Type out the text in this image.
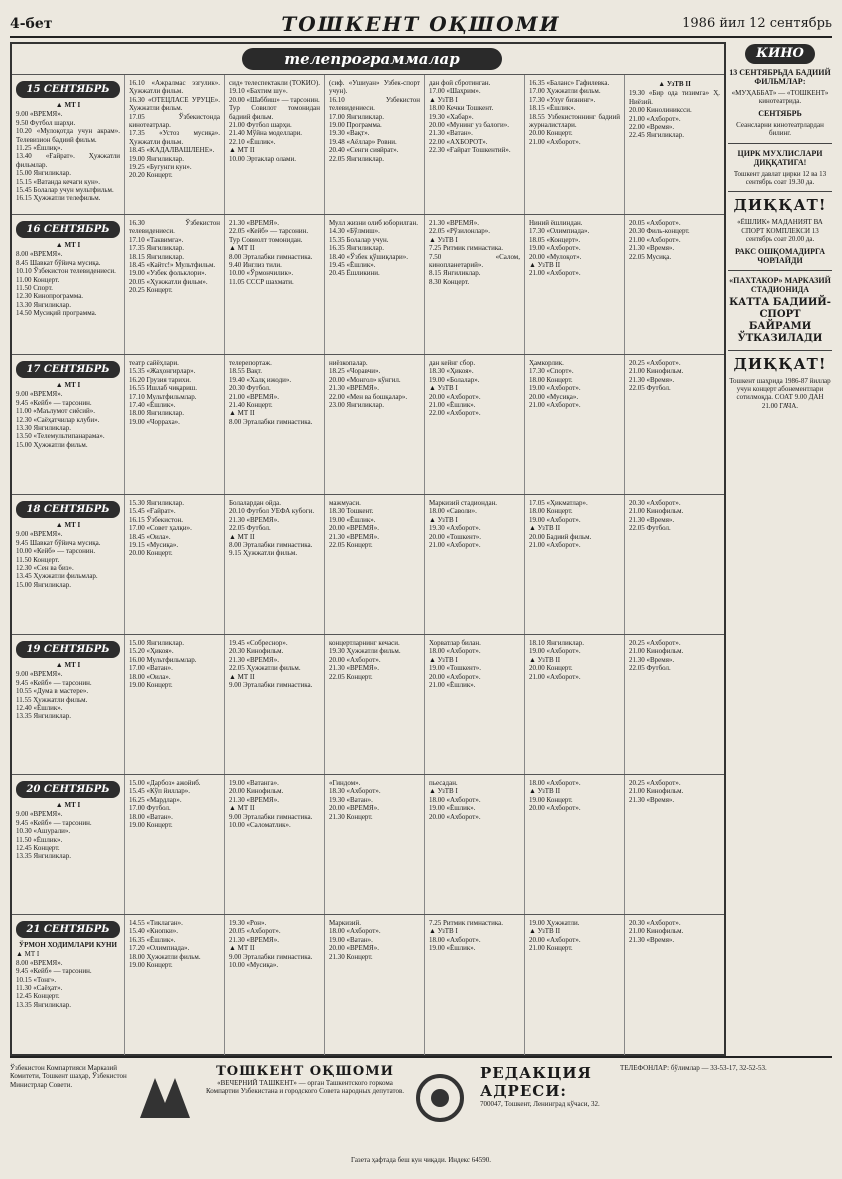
4-бет	ТОШКЕНТ ОҚШОМИ	1986 йил 12 сентябрь
телепрограммалар
15 СЕНТЯБРЬ
▲ МТ I
9.00 «ВРЕМЯ».
9.50 Футбол шарҳи.
10.20 «Мулоқотда учун акрам». Телевизион бадиий фильм.
11.25 «Ёшлиқ».
13.40 «Ғайрат». Ҳужжатли фильмлар.
15.00 Янгиликлар.
15.15 «Ватанда кечаги кун».
15.45 Болалар учун мультфильм.
16.15 Ҳужжатли телефильм.
16.10 «Ажралмас эзгулик». Ҳужжатли фильм.
16.30 «ОТЕЦЛАСЕ УРУЦЕ». Хужжатли фильм.
17.05 Ўзбекистонда кинотеатрлар.
17.35 «Устоз мусиқа». Ҳужжатли фильм.
18.45 «КАДАЛВАШЛЕНЕ».
19.00 Янгиликлар.
19.25 «Бугунги кун».
20.20 Концерт.
сид» телеспектакли (ТОКИО).
19.10 «Бахтим шу».
20.00 «Шаббиш» — тарсонин.
Тур Совилот томонидан бадиий фильм.
21.00 Футбол шарҳи.
21.40 Мўйна моделлари.
22.10 «Ёшлик».
▲ МТ II
10.00 Эртаклар олами.
(сиф. «Ушиуан» Узбек-спорт учун).
16.10 Узбекистон телевидениеси.
17.00 Янгиликлар.
19.00 Программа.
19.30 «Вақт».
19.48 «Аёллар» Ровни.
20.40 «Сенги сияйрат».
22.05 Янгиликлар.
дан фой сбротинган.
17.00 «Шаҳрим».
▲ УзТВ I
18.00 Кечки Тошкент.
19.30 «Хабар».
20.00 «Мунинг уз балоги».
21.30 «Ватан».
22.00 «АХБОРОТ».
22.30 «Ғайрат Тошкентий».
16.35 «Баланс» Гафилевка.
17.00 Ҳужжатли фильм.
17.30 «Улуғ бизнинг».
18.15 «Ёшлик».
18.55 Узбекистоннинг бадиий журналистлари.
20.00 Концерт.
21.00 «Ахборот».
▲ УзТВ II
19.30 «Бир ода тизимга» Ҳ. Ниёзий.
20.00 Кинолиниксси.
21.00 «Ахборот».
22.00 «Время».
22.45 Янгиликлар.
16 СЕНТЯБРЬ
▲ МТ I
8.00 «ВРЕМЯ».
8.45 Шавкат бўйича мусиқа.
10.10 Ўзбекистон телевидениеси.
11.00 Концерт.
11.50 Спорт.
12.30 Кинопрограмма.
13.30 Янгиликлар.
14.50 Мусиқий программа.
16.30 Ўзбекистон телевидениеси.
17.10 «Таквимга».
17.35 Янгиликлар.
18.15 Янгиликлар.
18.45 «Кайтс!» Мультфильм.
19.00 «Узбек фольклори».
20.05 «Ҳужжатли фильм».
20.25 Концерт.
21.30 «ВРЕМЯ».
22.05 «Кейб» — тарсонин.
Тур Совиолт томонидан.
▲ МТ II
8.00 Эрталабки гимнастика.
9.40 Инглиз тили.
10.00 «Ўрмончилик».
11.05 СССР шахмати.
Мулл жизни олиб юборилган.
14.30 «Бўлмиш».
15.35 Болалар учун.
16.35 Янгиликлар.
18.40 «Ўзбек қўшиқлари».
19.45 «Ёшлик».
20.45 Ёшликини.
21.30 «ВРЕМЯ».
22.05 «Рўзилонлар».
▲ УзТВ I
7.25 Ритмик гимнастика.
7.50 «Салом, кинопланетарий».
8.15 Янгиликлар.
8.30 Концерт.
Ниний ёшлиндан.
17.30 «Олимпиада».
18.05 «Концерт».
19.00 «Ахборот».
20.00 «Мулоқот».
▲ УзТВ II
21.00 «Ахборот».
20.05 «Ахборот».
20.30 Филь-концерт.
21.00 «Ахборот».
21.30 «Время».
22.05 Мусиқа.
17 СЕНТЯБРЬ
▲ МТ I
9.00 «ВРЕМЯ».
9.45 «Кейб» — тарсонин.
11.00 «Маълумот сиёсий».
12.30 «Саёҳатчилар клуби».
13.30 Янгиликлар.
13.50 «Телемультипанарама».
15.00 Ҳужжатли фильм.
театр сайёҳлари.
15.35 «Жаҳонгирлар».
16.20 Грузия тарихи.
16.55 Ишлаб чиқариш.
17.10 Мультфильмлар.
17.40 «Ёшлик».
18.00 Янгиликлар.
19.00 «Чорраха».
телерепортаж.
18.55 Вақт.
19.40 «Халқ ижоди».
20.30 Футбол.
21.00 «ВРЕМЯ».
21.40 Концерт.
▲ МТ II
8.00 Эрталабки гимнастика.
ниёзкопалар.
18.25 «Чоравчи».
20.00 «Монгол» кўнгил.
21.30 «ВРЕМЯ».
22.00 «Мен ва бошқалар».
23.00 Янгиликлар.
дан кейнг сбор.
18.30 «Ҳикоя».
19.00 «Болалар».
▲ УзТВ I
20.00 «Ахборот».
21.00 «Ёшлик».
22.00 «Ахборот».
Ҳамкорлик.
17.30 «Спорт».
18.00 Концерт.
19.00 «Ахборот».
20.00 «Мусиқа».
21.00 «Ахборот».
20.25 «Ахборот».
21.00 Кинофильм.
21.30 «Время».
22.05 Футбол.
18 СЕНТЯБРЬ
▲ МТ I
9.00 «ВРЕМЯ».
9.45 Шавкат бўйича мусиқа.
10.00 «Кейб» — тарсонин.
11.50 Концерт.
12.30 «Сен ва биз».
13.45 Ҳужжатли фильмлар.
15.00 Янгиликлар.
15.30 Янгиликлар.
15.45 «Ғайрат».
16.15 Ўзбекистон.
17.00 «Совет ҳалқи».
18.45 «Оила».
19.15 «Мусиқа».
20.00 Концерт.
Бoлалардан ойда.
20.10 Футбол УЕФА кубоги.
21.30 «ВРЕМЯ».
22.05 Футбол.
▲ МТ II
8.00 Эрталабки гимнастика.
9.15 Ҳужжатли фильм.
мажмуаси.
18.30 Тошкент.
19.00 «Ёшлик».
20.00 «ВРЕМЯ».
21.30 «ВРЕМЯ».
22.05 Концерт.
Маркизий стадиондан.
18.00 «Саволи».
▲ УзТВ I
19.30 «Ахборот».
20.00 «Тошкент».
21.00 «Ахборот».
17.05 «Ҳикматлар».
18.00 Концерт.
19.00 «Ахборот».
▲ УзТВ II
20.00 Бадиий фильм.
21.00 «Ахборот».
20.30 «Ахборот».
21.00 Кинофильм.
21.30 «Время».
22.05 Футбол.
19 СЕНТЯБРЬ
▲ МТ I
9.00 «ВРЕМЯ».
9.45 «Кейб» — тарсонин.
10.55 «Дума в мастере».
11.55 Ҳужжатли фильм.
12.40 «Ёшлик».
13.35 Янгиликлар.
15.00 Янгиликлар.
15.20 «Ҳикоя».
16.00 Мультфильмлар.
17.00 «Ватан».
18.00 «Оила».
19.00 Концерт.
19.45 «Собреснор».
20.30 Кинофильм.
21.30 «ВРЕМЯ».
22.05 Ҳужжатли фильм.
▲ МТ II
9.00 Эрталабки гимнастика.
концертларнинг кечаси.
19.30 Ҳужжатли фильм.
20.00 «Ахборот».
21.30 «ВРЕМЯ».
22.05 Концерт.
Хорватлар билан.
18.00 «Ахборот».
▲ УзТВ I
19.00 «Тошкент».
20.00 «Ахборот».
21.00 «Ёшлик».
18.10 Янгиликлар.
19.00 «Ахборот».
▲ УзТВ II
20.00 Концерт.
21.00 «Ахборот».
20.25 «Ахборот».
21.00 Кинофильм.
21.30 «Время».
22.05 Футбол.
20 СЕНТЯБРЬ
▲ МТ I
9.00 «ВРЕМЯ».
9.45 «Кейб» — тарсонин.
10.30 «Ашурали».
11.50 «Ёшлик».
12.45 Концерт.
13.35 Янгиликлар.
15.00 «Дарбоз» ажойиб.
15.45 «Кўп йиллар».
16.25 «Мардлар».
17.00 Футбол.
18.00 «Ватан».
19.00 Концерт.
19.00 «Ватанга».
20.00 Кинофильм.
21.30 «ВРЕМЯ».
▲ МТ II
9.00 Эрталабки гимнастика.
10.00 «Саломатлик».
«Гиндом».
18.30 «Ахборот».
19.30 «Ватан».
20.00 «ВРЕМЯ».
21.30 Концерт.
пьесадан.
▲ УзТВ I
18.00 «Ахборот».
19.00 «Ёшлик».
20.00 «Ахборот».
18.00 «Ахборот».
▲ УзТВ II
19.00 Концерт.
20.00 «Ахборот».
20.25 «Ахборот».
21.00 Кинофильм.
21.30 «Время».
21 СЕНТЯБРЬ
ЎРМОН ХОДИМЛАРИ КУНИ
▲ МТ I
8.00 «ВРЕМЯ».
9.45 «Кейб» — тарсонин.
10.15 «Тонг».
11.30 «Саёҳат».
12.45 Концерт.
13.35 Янгиликлар.
14.55 «Тиклаган».
15.40 «Кнопки».
16.35 «Ёшлик».
17.20 «Олимпиада».
18.00 Ҳужжатли фильм.
19.00 Концерт.
19.30 «Рон».
20.05 «Ахборот».
21.30 «ВРЕМЯ».
▲ МТ II
9.00 Эрталабки гимнастика.
10.00 «Мусиқа».
Маркизий.
18.00 «Ахборот».
19.00 «Ватан».
20.00 «ВРЕМЯ».
21.30 Концерт.
7.25 Ритмик гимнастика.
▲ УзТВ I
18.00 «Ахборот».
19.00 «Ёшлик».
19.00 Ҳужжатли.
▲ УзТВ II
20.00 «Ахборот».
21.00 Концерт.
20.30 «Ахборот».
21.00 Кинофильм.
21.30 «Время».
КИНО

13 СЕНТЯБРЬДА БАДИИЙ ФИЛЬМЛАР:

«МУҲАББАТ» — «ТОШКЕНТ» кинотеатрида.

СЕНТЯБРЬ

Сеансларни кинотеатрлардан билинг.

ЦИРК МУХЛИСЛАРИ ДИҚҚАТИГА!

Тошкент давлат цирки 12 ва 13 сентябрь соат 19.30 да.

ДИҚҚАТ!

«ЁШЛИК» МАДАНИЯТ ВА СПОРТ КОМПЛЕКСИ 13 сентябрь соат 20.00 да.

РАКС ОШҚОМАДИРГА ЧОРЛАЙДИ

«ПАХТАКОР» МАРКАЗИЙ СТАДИОНИДА

КАТТА БАДИИЙ-СПОРТ БАЙРАМИ ЎТКАЗИЛАДИ
ДИҚҚАТ!

Тошкент шаҳрида 1986-87 йиллар учун концерт абонементлари сотилмоқда. СОАТ 9.00 ДАН 21.00 ГАЧА.

Ўзбекистон Компартияси Марказий Комитети, Тошкент шаҳар, Ўзбекистон Министрлар Совети.
ТОШКЕНТ ОҚШОМИ
«ВЕЧЕРНИЙ ТАШКЕНТ» — орган Ташкентского горкома Компартии Узбекистана и городского Совета народных депутатов.
РЕДАКЦИЯ АДРЕСИ:
700047, Тошкент, Ленинград кўчаси, 32.
ТЕЛЕФОНЛАР: бўлимлар — 33-53-17, 32-52-53.
Газета ҳафтада беш кун чиқади. Индекс 64590.
